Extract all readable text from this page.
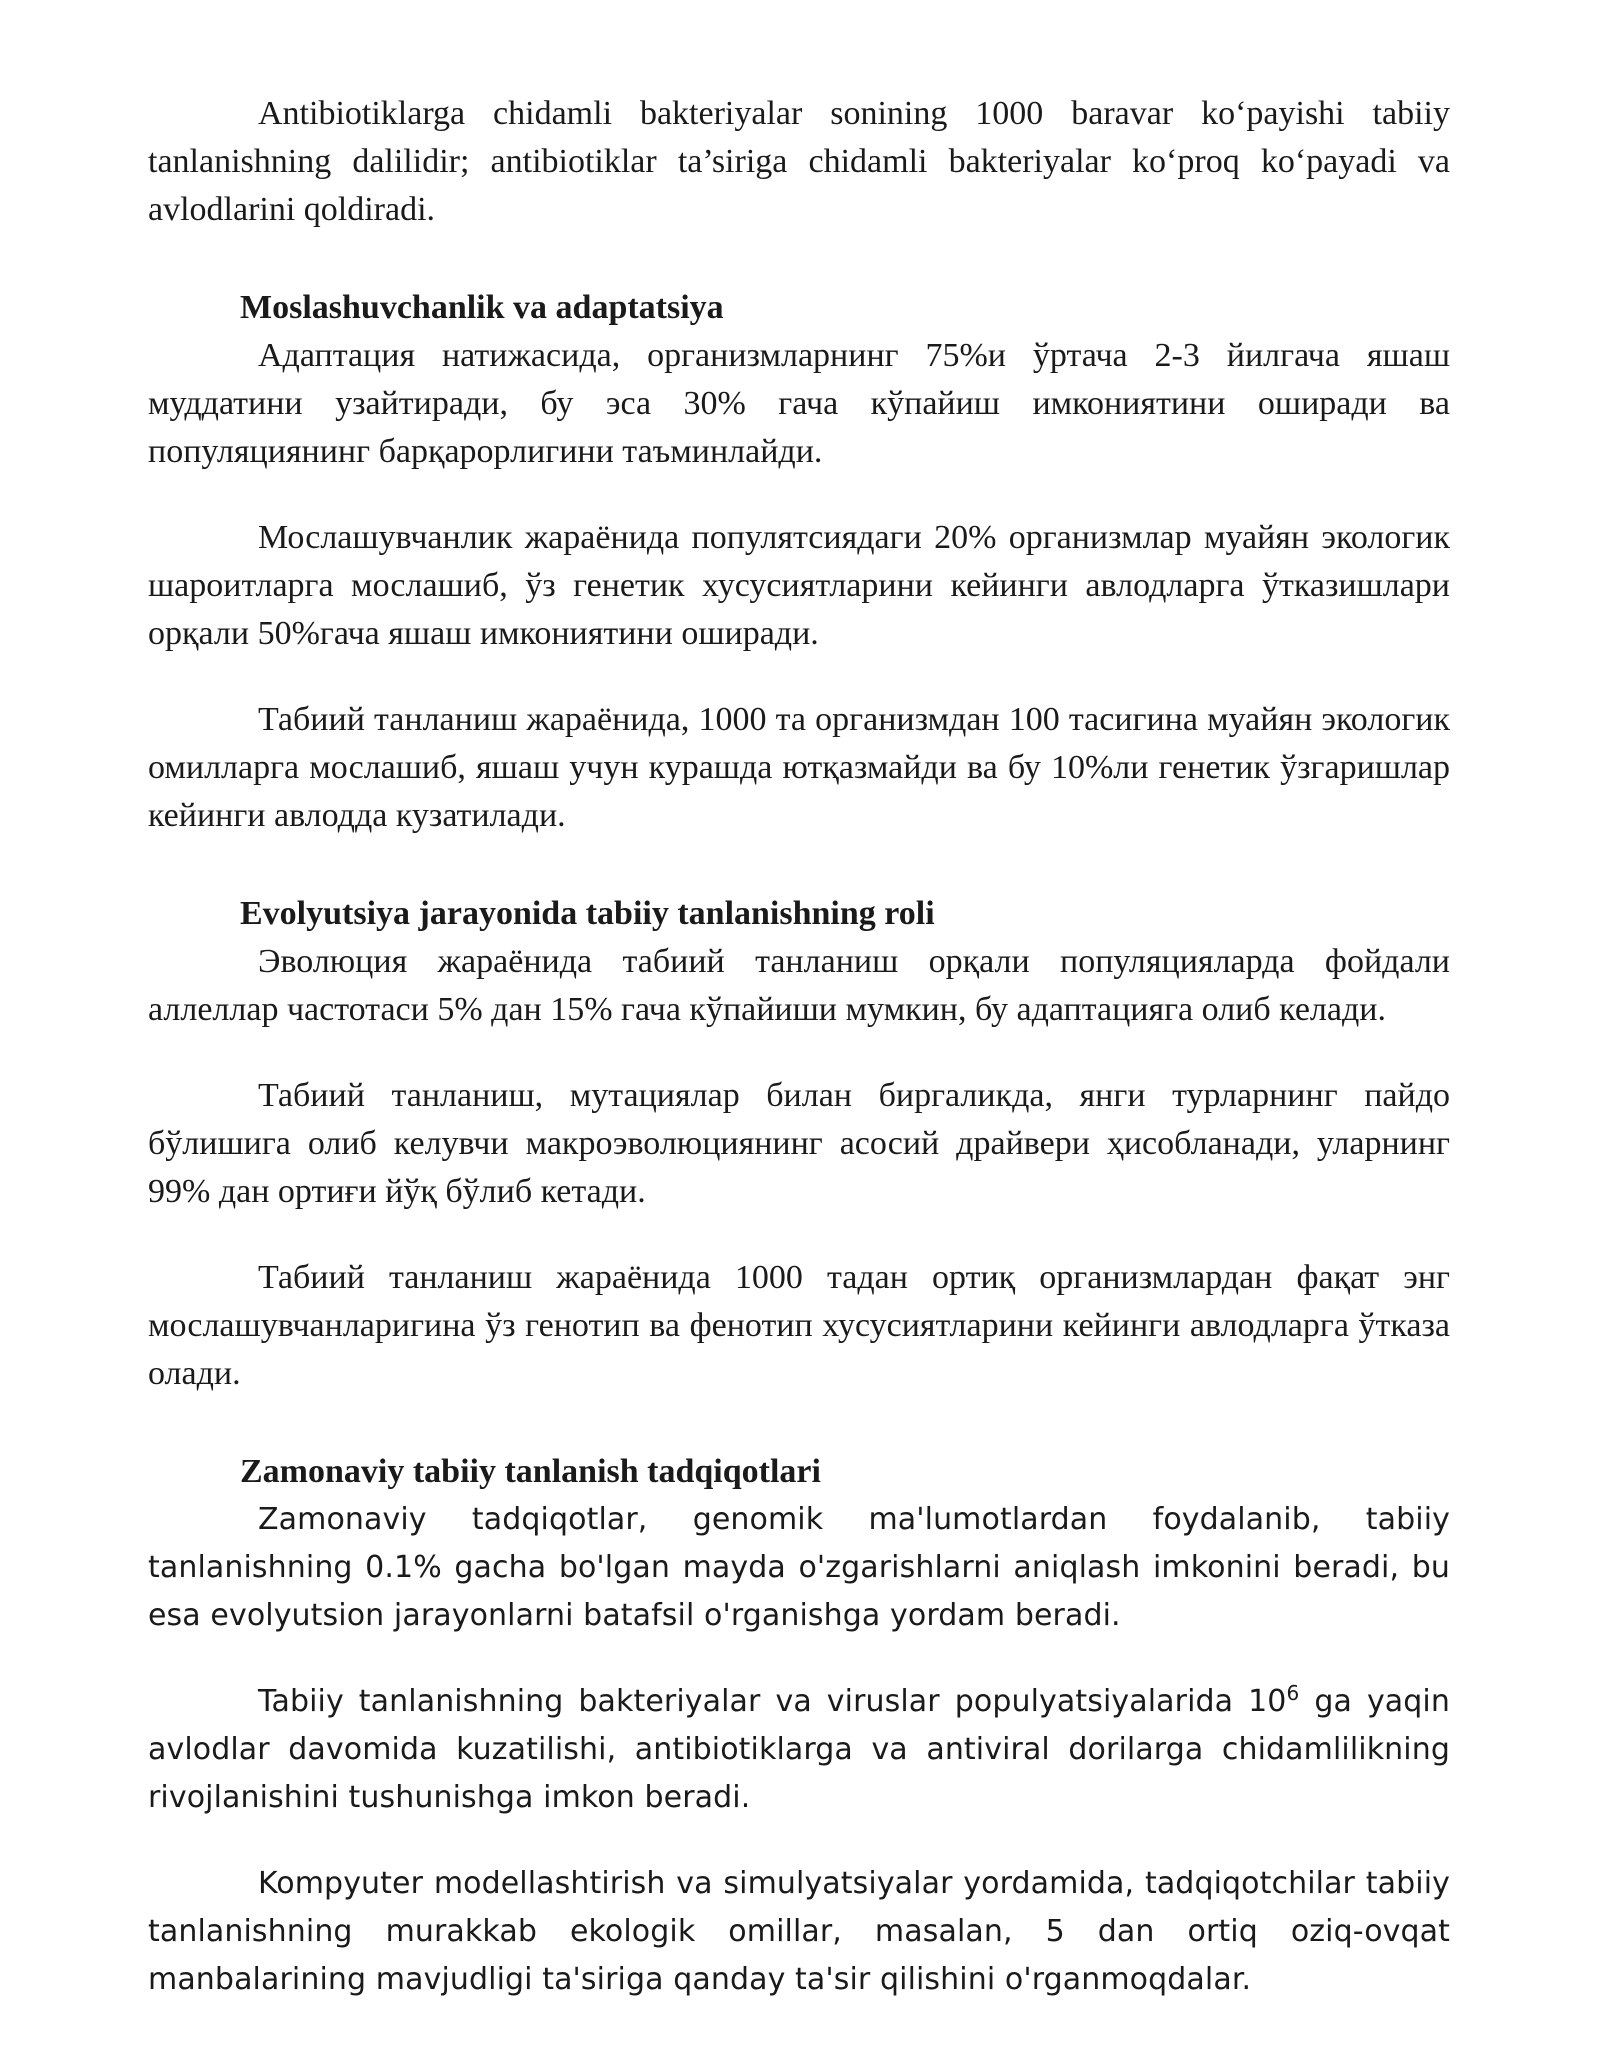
Antibiotiklarga chidamli bakteriyalar sonining 1000 baravar ko‘payishi tabiiy tanlanishning dalilidir; antibiotiklar ta’siriga chidamli bakteriyalar ko‘proq ko‘payadi va avlodlarini qoldiradi.

Moslashuvchanlik va adaptatsiya

Адаптация натижасида, организмларнинг 75%и ўртача 2-3 йилгача яшаш муддатини узайтиради, бу эса 30% гача кўпайиш имкониятини оширади ва популяциянинг барқарорлигини таъминлайди.

Мослашувчанлик жараёнида популятсиядаги 20% организмлар муайян экологик шароитларга мослашиб, ўз генетик хусусиятларини кейинги авлодларга ўтказишлари орқали 50%гача яшаш имкониятини оширади.

Табиий танланиш жараёнида, 1000 та организмдан 100 тасигина муайян экологик омилларга мослашиб, яшаш учун курашда ютқазмайди ва бу 10%ли генетик ўзгаришлар кейинги авлодда кузатилади.

Evolyutsiya jarayonida tabiiy tanlanishning roli

Эволюция жараёнида табиий танланиш орқали популяцияларда фойдали аллеллар частотаси 5% дан 15% гача кўпайиши мумкин, бу адаптацияга олиб келади.

Табиий танланиш, мутациялар билан биргаликда, янги турларнинг пайдо бўлишига олиб келувчи макроэволюциянинг асосий драйвери ҳисобланади, уларнинг 99% дан ортиғи йўқ бўлиб кетади.

Табиий танланиш жараёнида 1000 тадан ортиқ организмлардан фақат энг мослашувчанларигина ўз генотип ва фенотип хусусиятларини кейинги авлодларга ўтказа олади.

Zamonaviy tabiiy tanlanish tadqiqotlari

Zamonaviy tadqiqotlar, genomik ma'lumotlardan foydalanib, tabiiy tanlanishning 0.1% gacha bo'lgan mayda o'zgarishlarni aniqlash imkonini beradi, bu esa evolyutsion jarayonlarni batafsil o'rganishga yordam beradi.

Tabiiy tanlanishning bakteriyalar va viruslar populyatsiyalarida $10^6$ ga yaqin avlodlar davomida kuzatilishi, antibiotiklarga va antiviral dorilarga chidamlilikning rivojlanishini tushunishga imkon beradi.

Kompyuter modellashtirish va simulyatsiyalar yordamida, tadqiqotchilar tabiiy tanlanishning murakkab ekologik omillar, masalan, 5 dan ortiq oziq-ovqat manbalarining mavjudligi ta'siriga qanday ta'sir qilishini o'rganmoqdalar.
